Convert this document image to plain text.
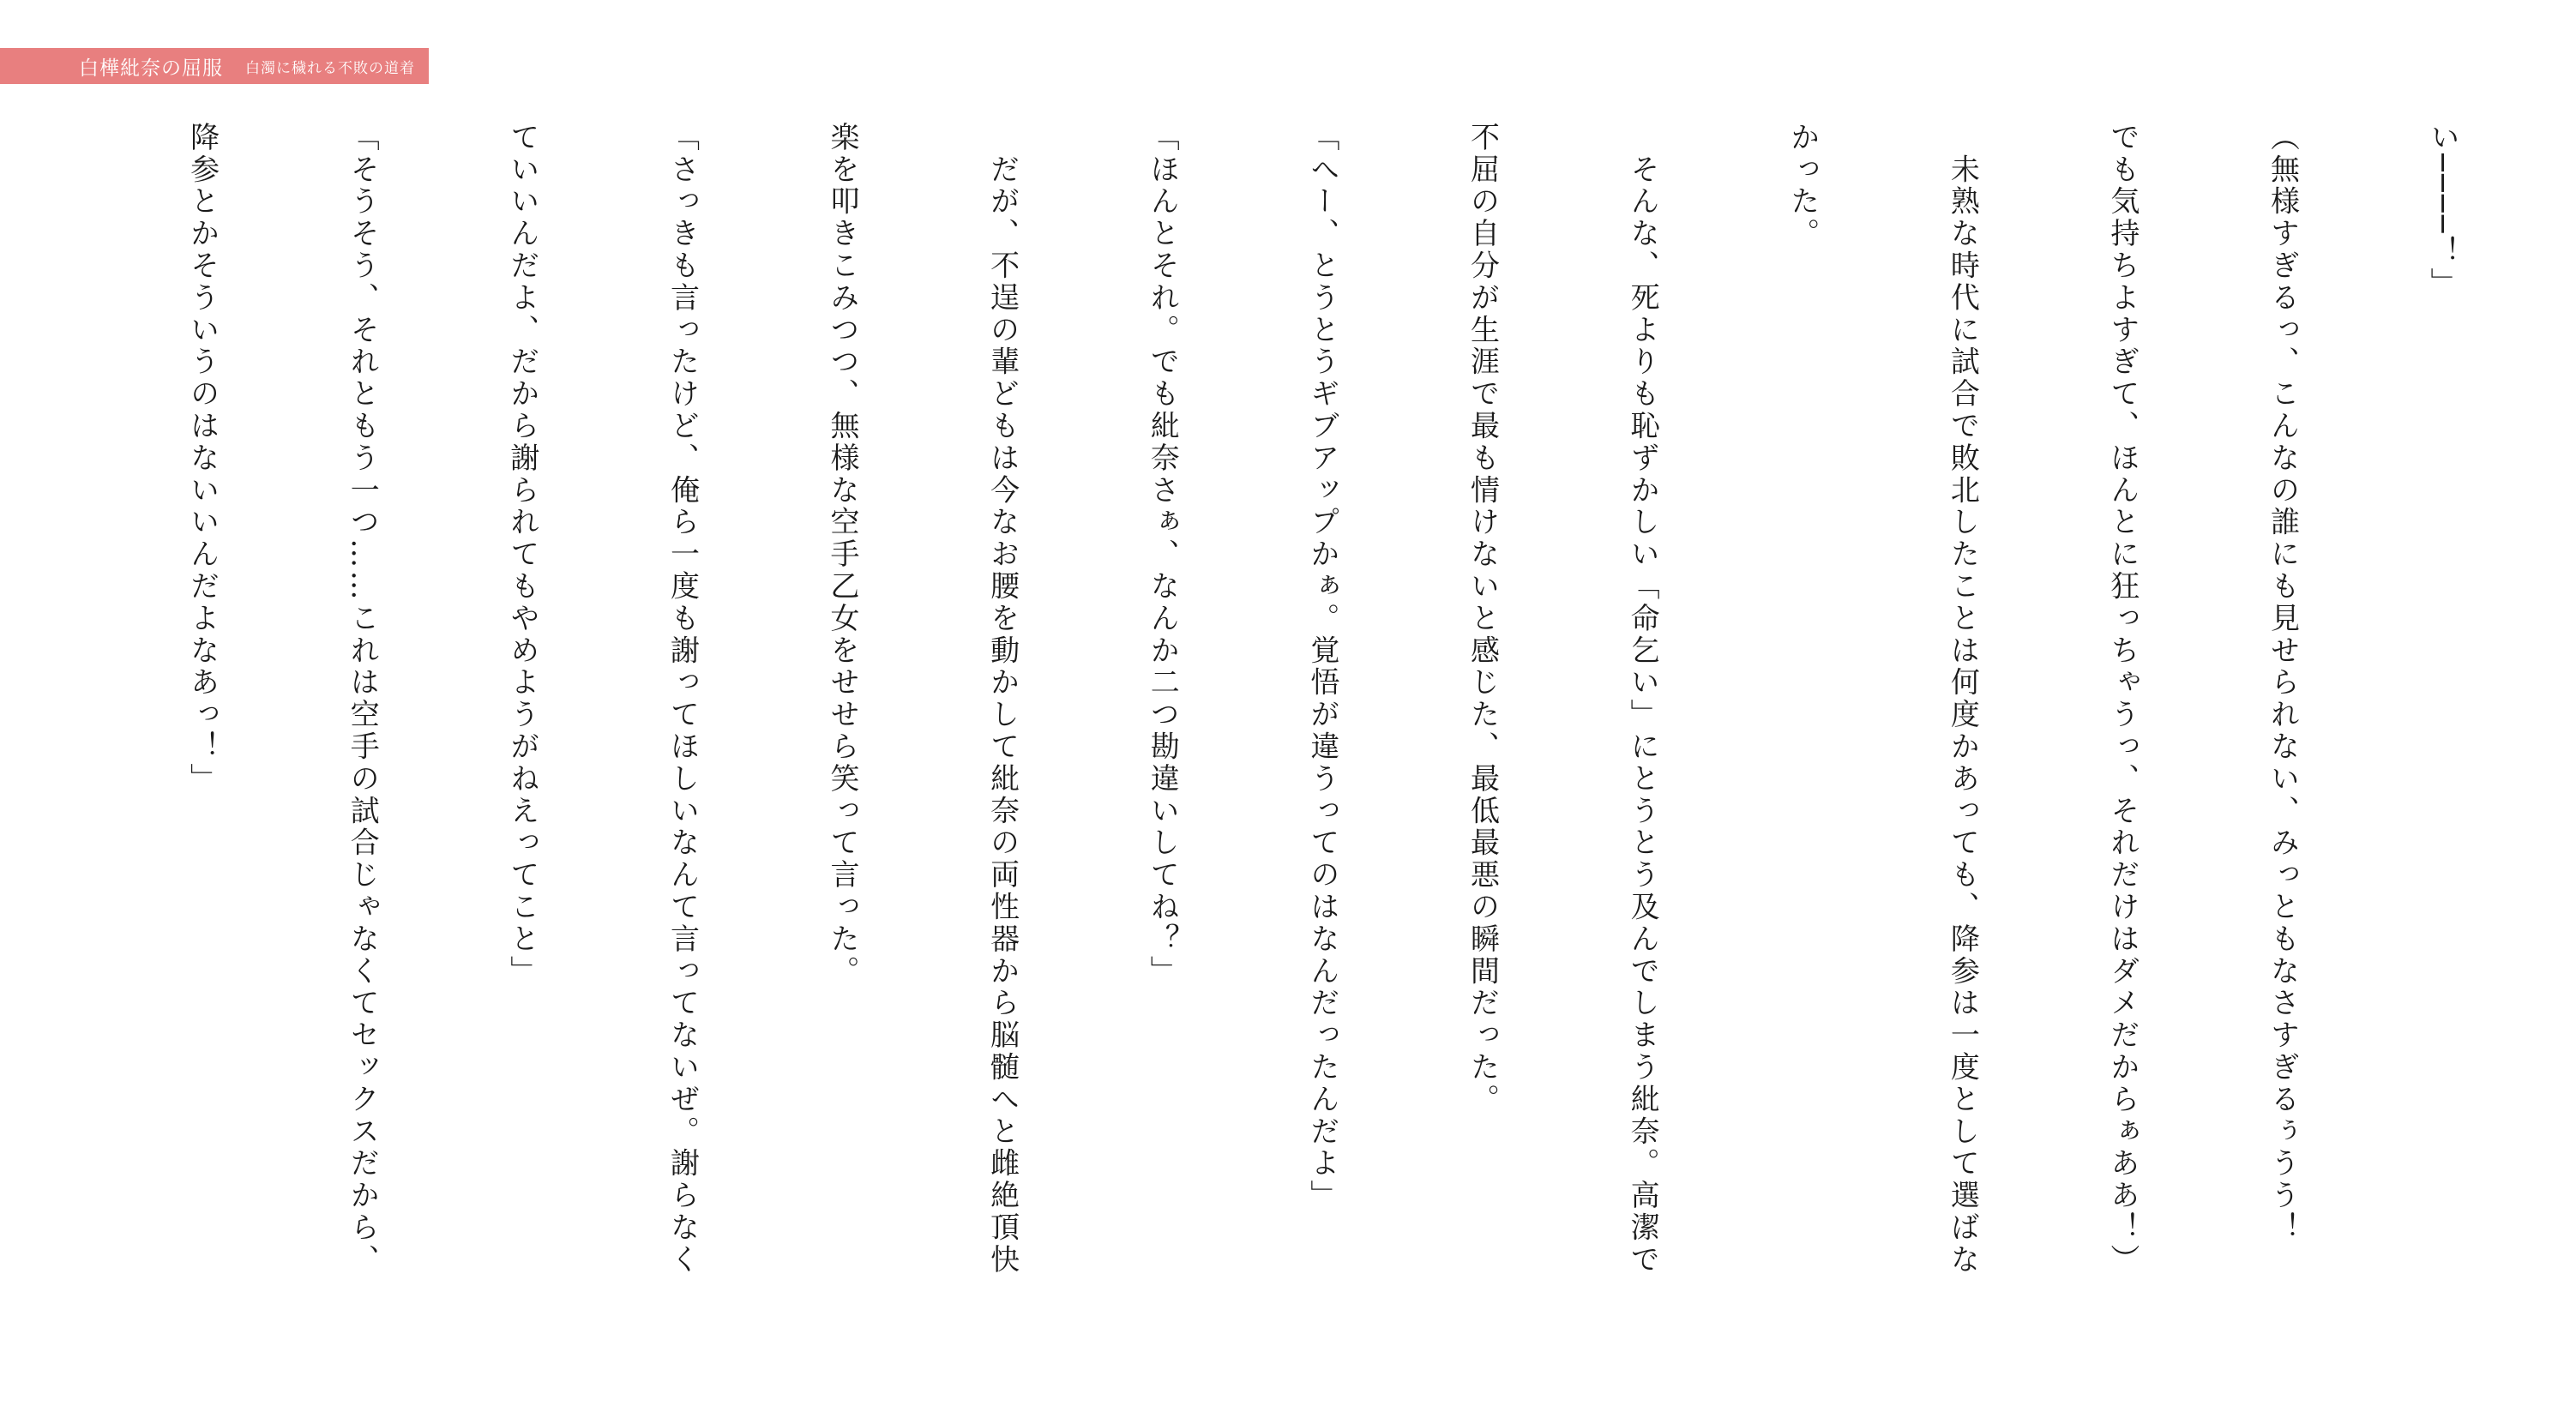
白樺紕奈の屈服 白濁に穢れる不敗の道着

い────！」

（無様すぎるっ、こんなの誰にも見せられない、みっともなさすぎるぅうう！

でも気持ちよすぎて、ほんとに狂っちゃうっ、それだけはダメだからぁああ！）

　未熟な時代に試合で敗北したことは何度かあっても、降参は一度として選ばな

かった。

　そんな、死よりも恥ずかしい「命乞い」にとうとう及んでしまう紕奈。高潔で

不屈の自分が生涯で最も情けないと感じた、最低最悪の瞬間だった。

「へー、とうとうギブアップかぁ。覚悟が違うってのはなんだったんだよ」

「ほんとそれ。でも紕奈さぁ、なんか二つ勘違いしてね？」

　だが、不逞の輩どもは今なお腰を動かして紕奈の両性器から脳髄へと雌絶頂快

楽を叩きこみつつ、無様な空手乙女をせせら笑って言った。

「さっきも言ったけど、俺ら一度も謝ってほしいなんて言ってないぜ。謝らなく

ていいんだよ、だから謝られてもやめようがねえってこと」

「そうそう、それともう一つ……これは空手の試合じゃなくてセックスだから、

降参とかそういうのはないいんだよなあっ！」
